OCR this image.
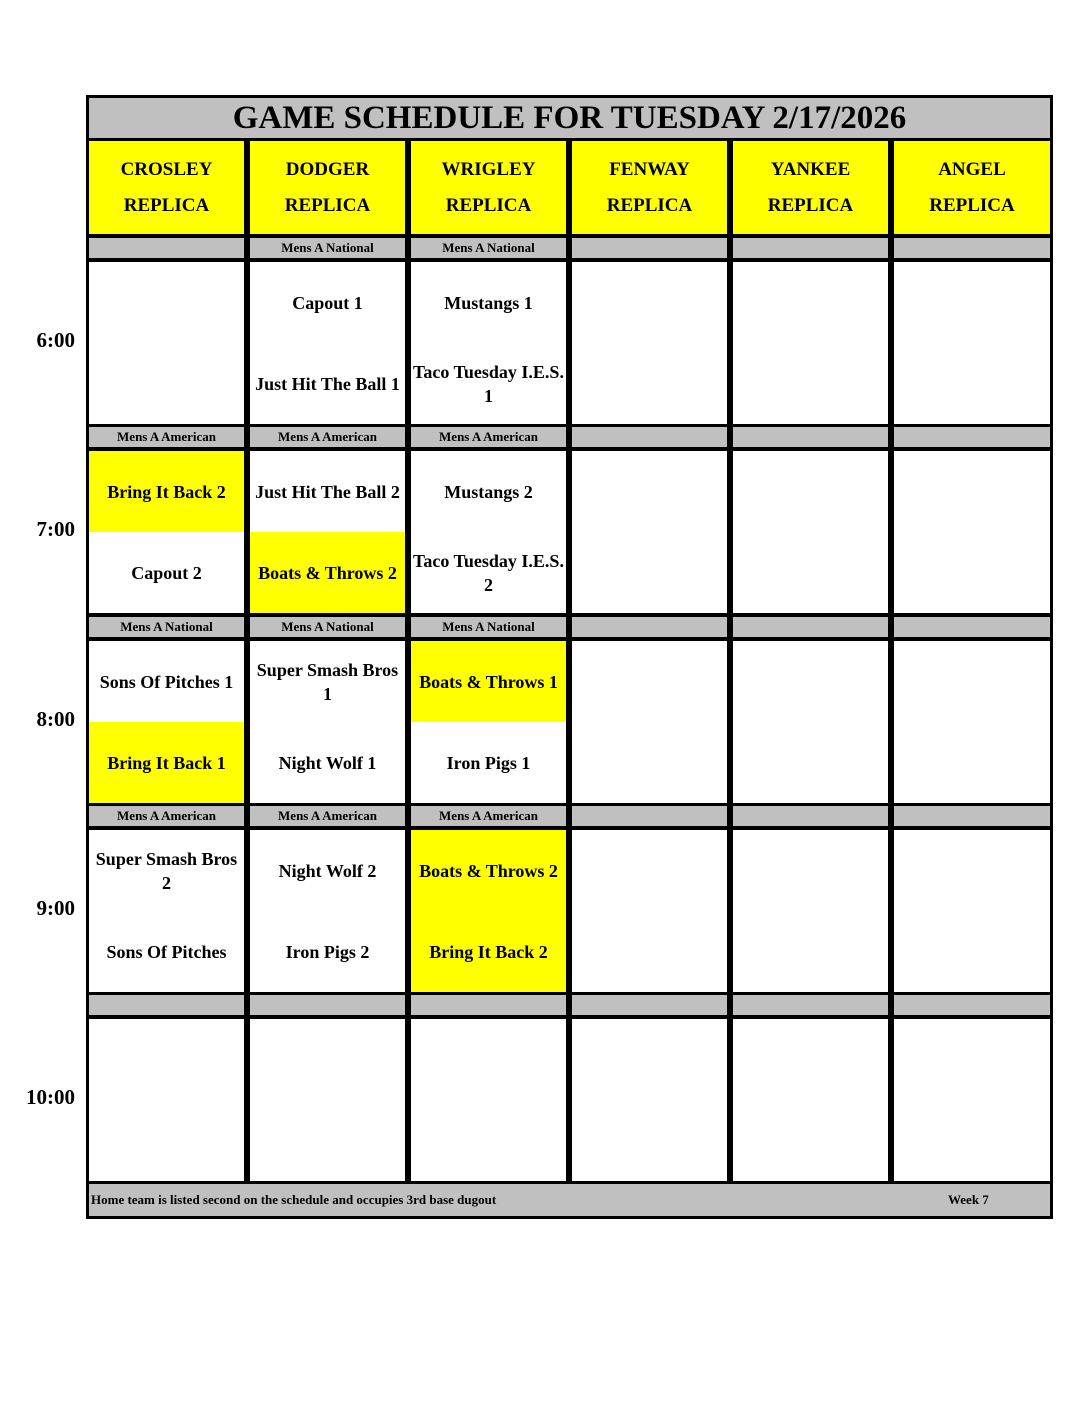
GAME SCHEDULE FOR TUESDAY 2/17/2026
CROSLEY
REPLICA
DODGER
REPLICA
WRIGLEY
REPLICA
FENWAY
REPLICA
YANKEE
REPLICA
ANGEL
REPLICA
6:00
Mens A National
Capout 1
Just Hit The Ball 1
Mens A National
Mustangs 1
Taco Tuesday I.E.S. 1
7:00
Mens A American
Bring It Back 2
Capout 2
Mens A American
Just Hit The Ball 2
Boats & Throws 2
Mens A American
Mustangs 2
Taco Tuesday I.E.S. 2
8:00
Mens A National
Sons Of Pitches 1
Bring It Back 1
Mens A National
Super Smash Bros 1
Night Wolf 1
Mens A National
Boats & Throws 1
Iron Pigs 1
9:00
Mens A American
Super Smash Bros 2
Sons Of Pitches
Mens A American
Night Wolf 2
Iron Pigs 2
Mens A American
Boats & Throws 2
Bring It Back 2
10:00
Home team is listed second on the schedule and occupies 3rd base dugout	Week 7
